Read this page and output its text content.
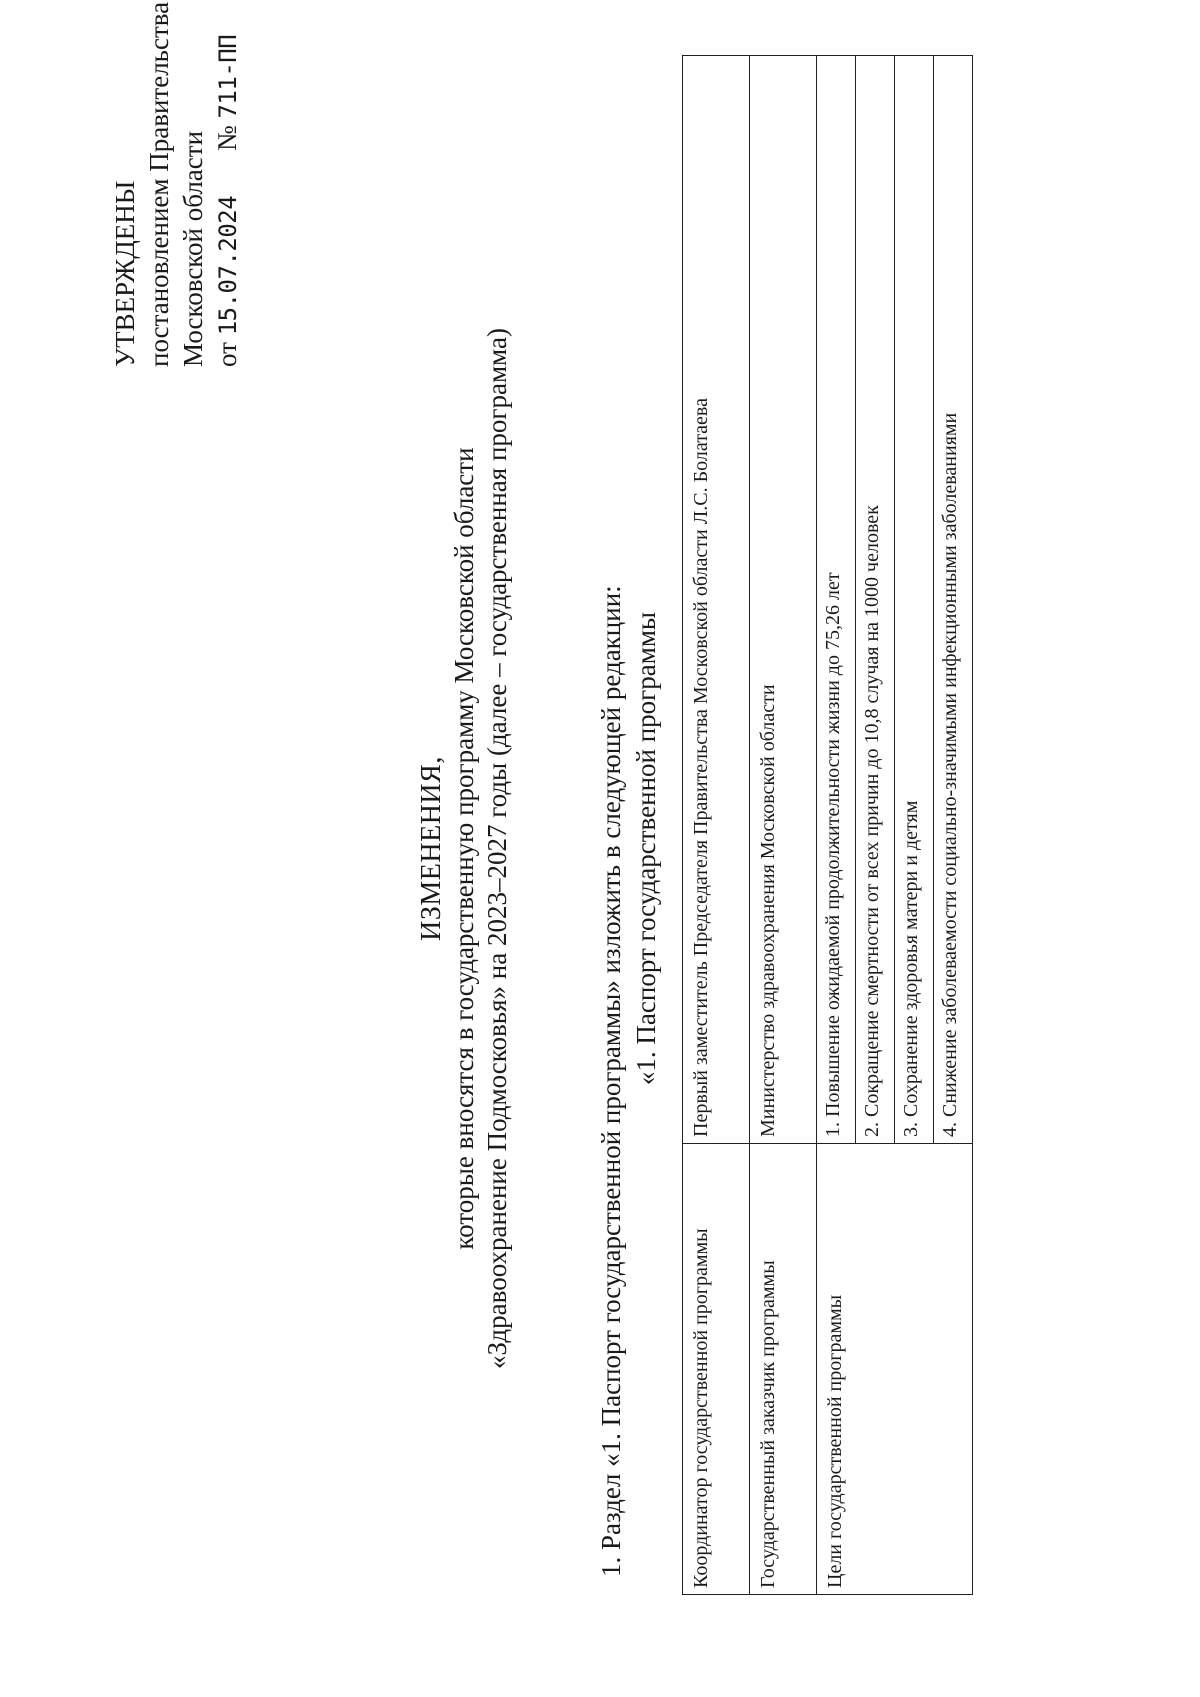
УТВЕРЖДЕНЫ постановлением Правительства Московской области от 15.07.2024 № 711-ПП
ИЗМЕНЕНИЯ, которые вносятся в государственную программу Московской области «Здравоохранение Подмосковья» на 2023–2027 годы (далее – государственная программа)	1. Раздел «1. Паспорт государственной программы» изложить в следующей редакции: «1. Паспорт государственной программы
Координатор государственной программы	Первый заместитель Председателя Правительства Московской области Л.С. Болатаева
Государственный заказчик программы	Министерство здравоохранения Московской области
Цели государственной программы	1. Повышение ожидаемой продолжительности жизни до 75,26 лет
	2. Сокращение смертности от всех причин до 10,8 случая на 1000 человек
	3. Сохранение здоровья матери и детям
	4. Снижение заболеваемости социально-значимыми инфекционными заболеваниями
